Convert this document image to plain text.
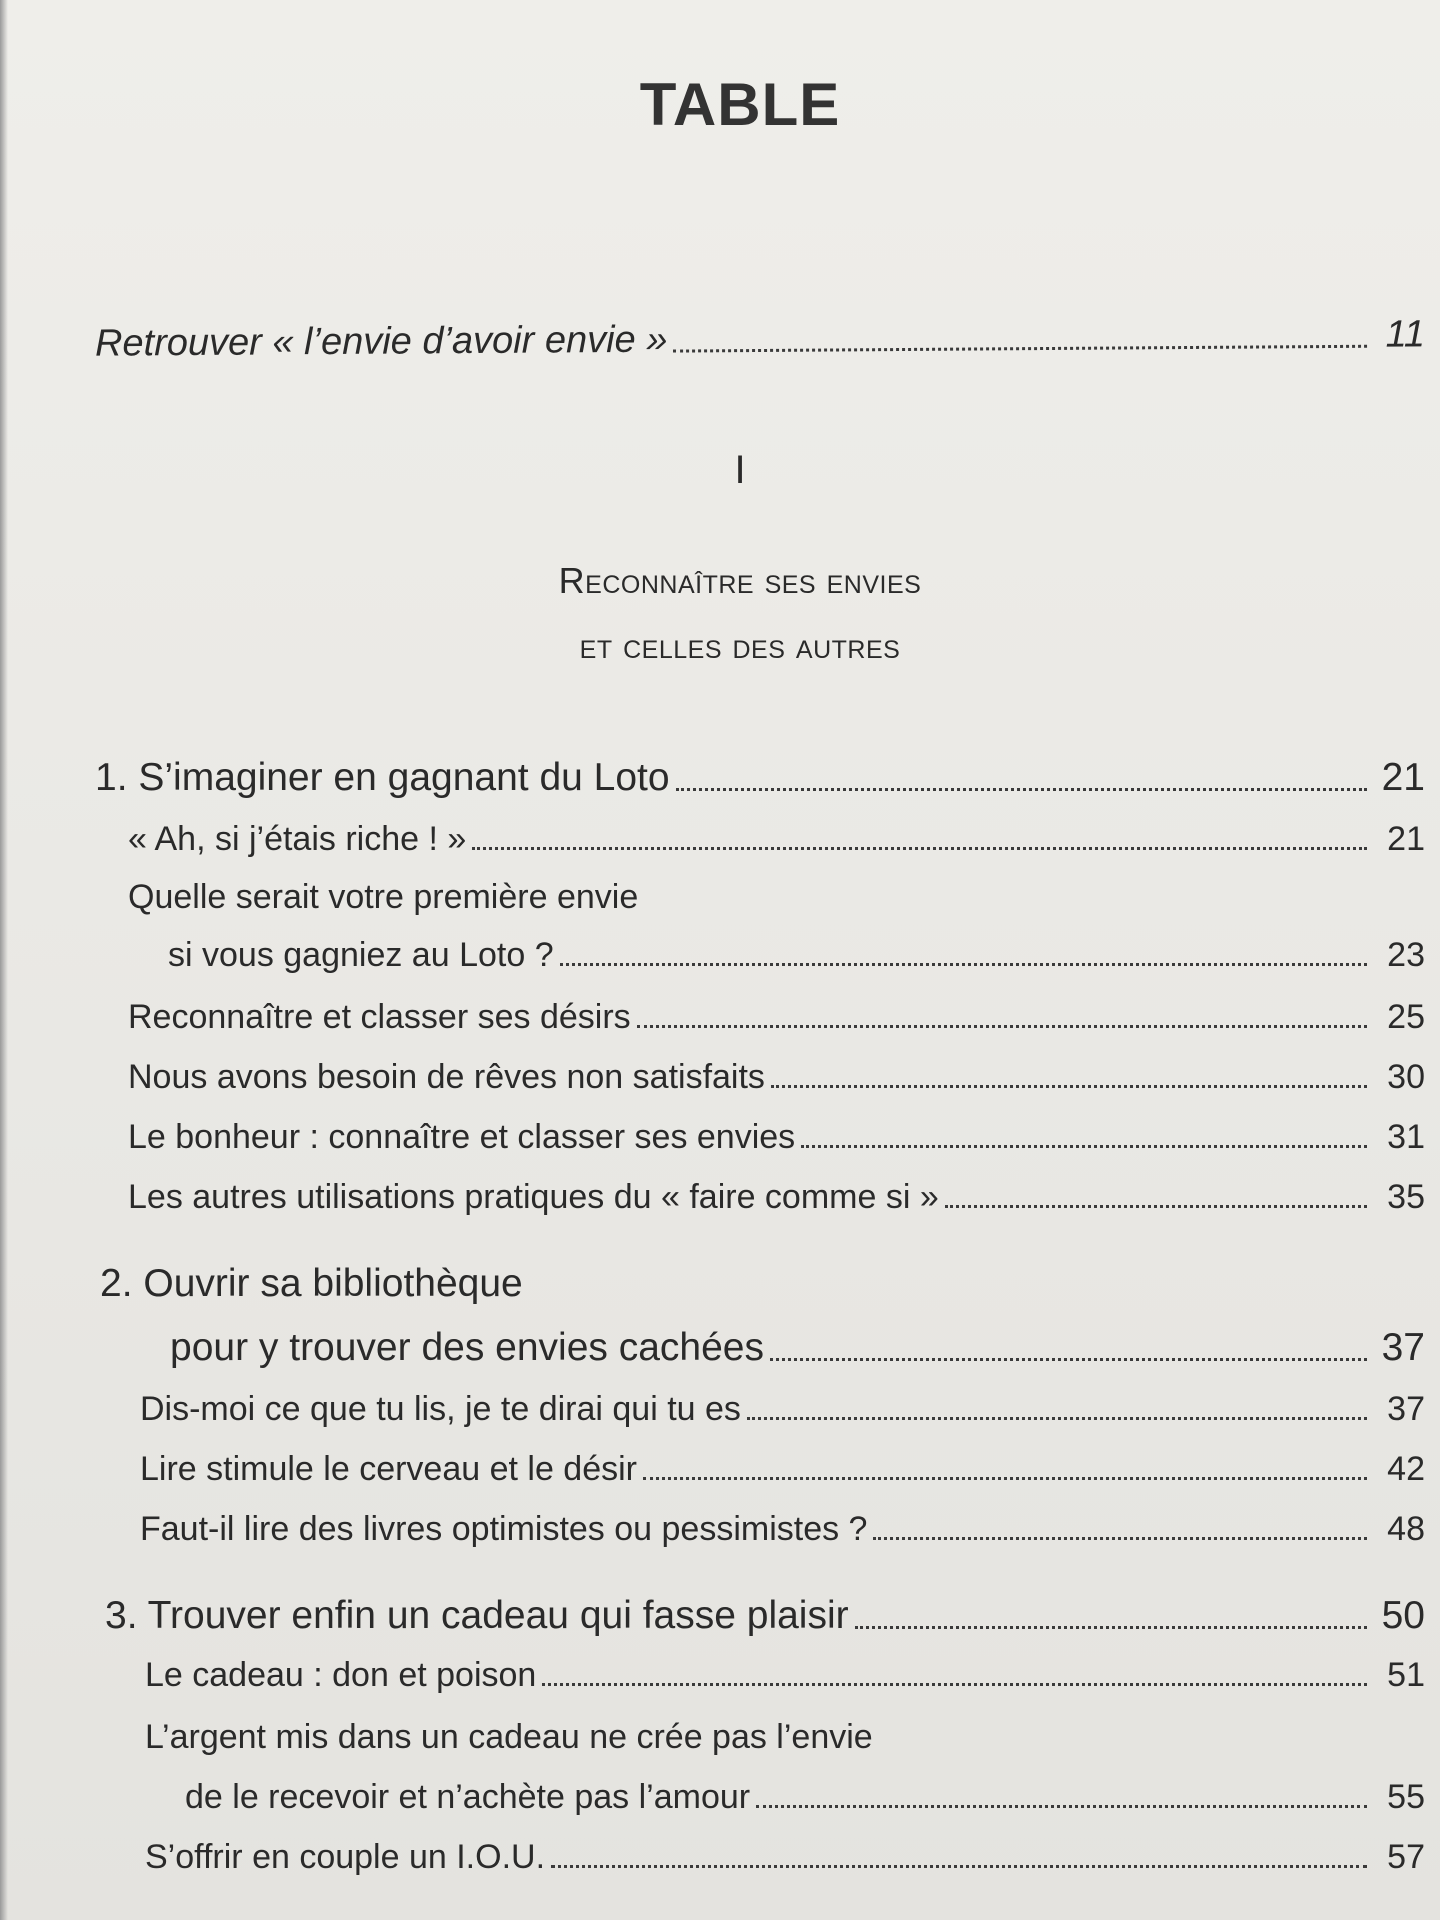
TABLE
Retrouver « l’envie d’avoir envie »	11
I
Reconnaître ses envies
et celles des autres
1. S’imaginer en gagnant du Loto	21
« Ah, si j’étais riche ! »	21
Quelle serait votre première envie
si vous gagniez au Loto ?	23
Reconnaître et classer ses désirs	25
Nous avons besoin de rêves non satisfaits	30
Le bonheur : connaître et classer ses envies	31
Les autres utilisations pratiques du « faire comme si »	35
2. Ouvrir sa bibliothèque
pour y trouver des envies cachées	37
Dis-moi ce que tu lis, je te dirai qui tu es	37
Lire stimule le cerveau et le désir	42
Faut-il lire des livres optimistes ou pessimistes ?	48
3. Trouver enfin un cadeau qui fasse plaisir	50
Le cadeau : don et poison	51
L’argent mis dans un cadeau ne crée pas l’envie
de le recevoir et n’achète pas l’amour	55
S’offrir en couple un I.O.U.	57
